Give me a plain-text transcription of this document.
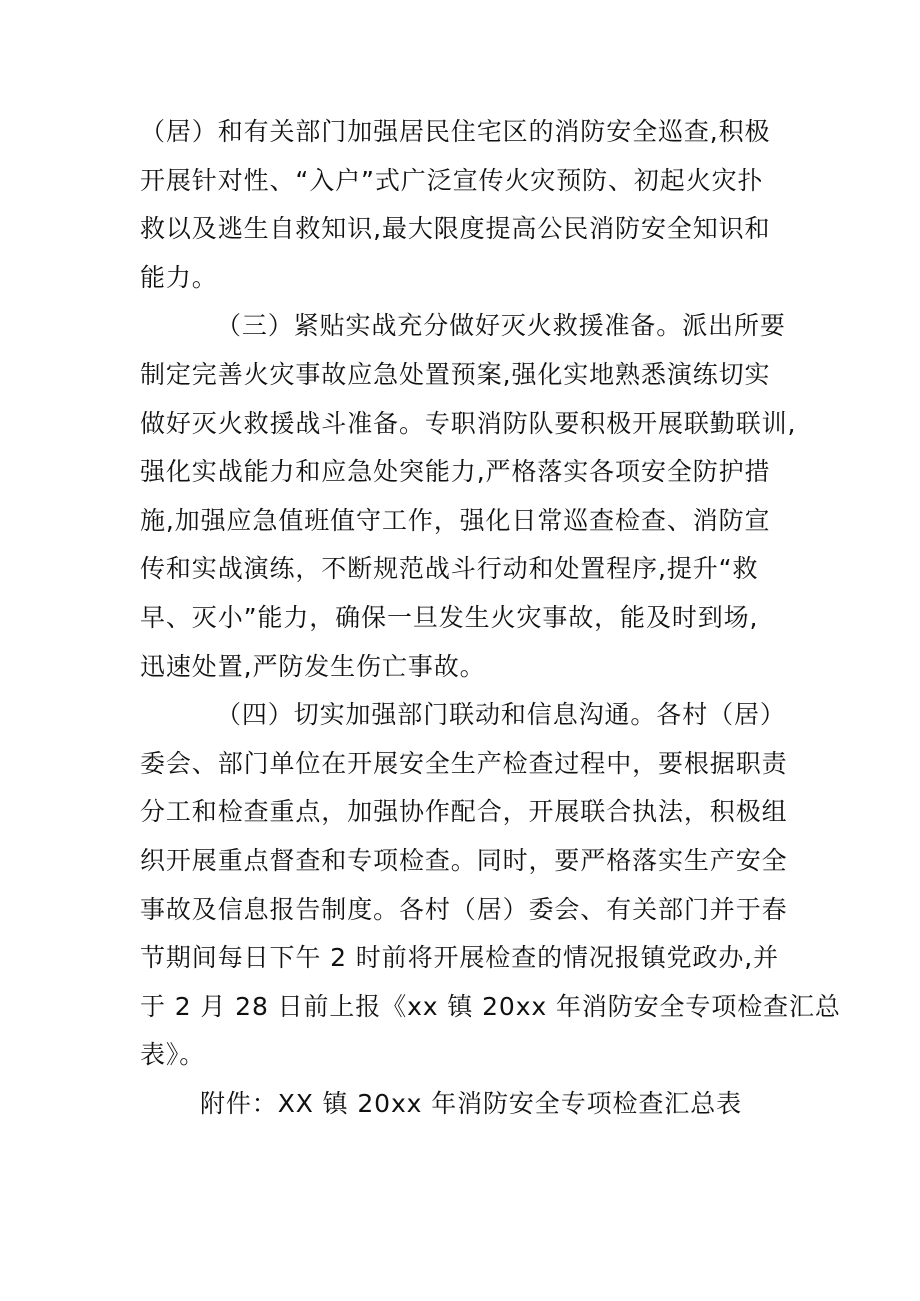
（居）和有关部门加强居民住宅区的消防安全巡查,积极
开展针对性、“入户”式广泛宣传火灾预防、初起火灾扑
救以及逃生自救知识,最大限度提高公民消防安全知识和
能力。
（三）紧贴实战充分做好灭火救援准备。派出所要
制定完善火灾事故应急处置预案,强化实地熟悉演练切实
做好灭火救援战斗准备。专职消防队要积极开展联勤联训,
强化实战能力和应急处突能力,严格落实各项安全防护措
施,加强应急值班值守工作，强化日常巡查检查、消防宣
传和实战演练，不断规范战斗行动和处置程序,提升“救
早、灭小”能力，确保一旦发生火灾事故，能及时到场,
迅速处置,严防发生伤亡事故。
（四）切实加强部门联动和信息沟通。各村（居）
委会、部门单位在开展安全生产检查过程中，要根据职责
分工和检查重点，加强协作配合，开展联合执法，积极组
织开展重点督查和专项检查。同时，要严格落实生产安全
事故及信息报告制度。各村（居）委会、有关部门并于春
节期间每日下午 2 时前将开展检查的情况报镇党政办,并
于 2 月 28 日前上报《xx 镇 20xx 年消防安全专项检查汇总
表》。
附件：XX 镇 20xx 年消防安全专项检查汇总表
